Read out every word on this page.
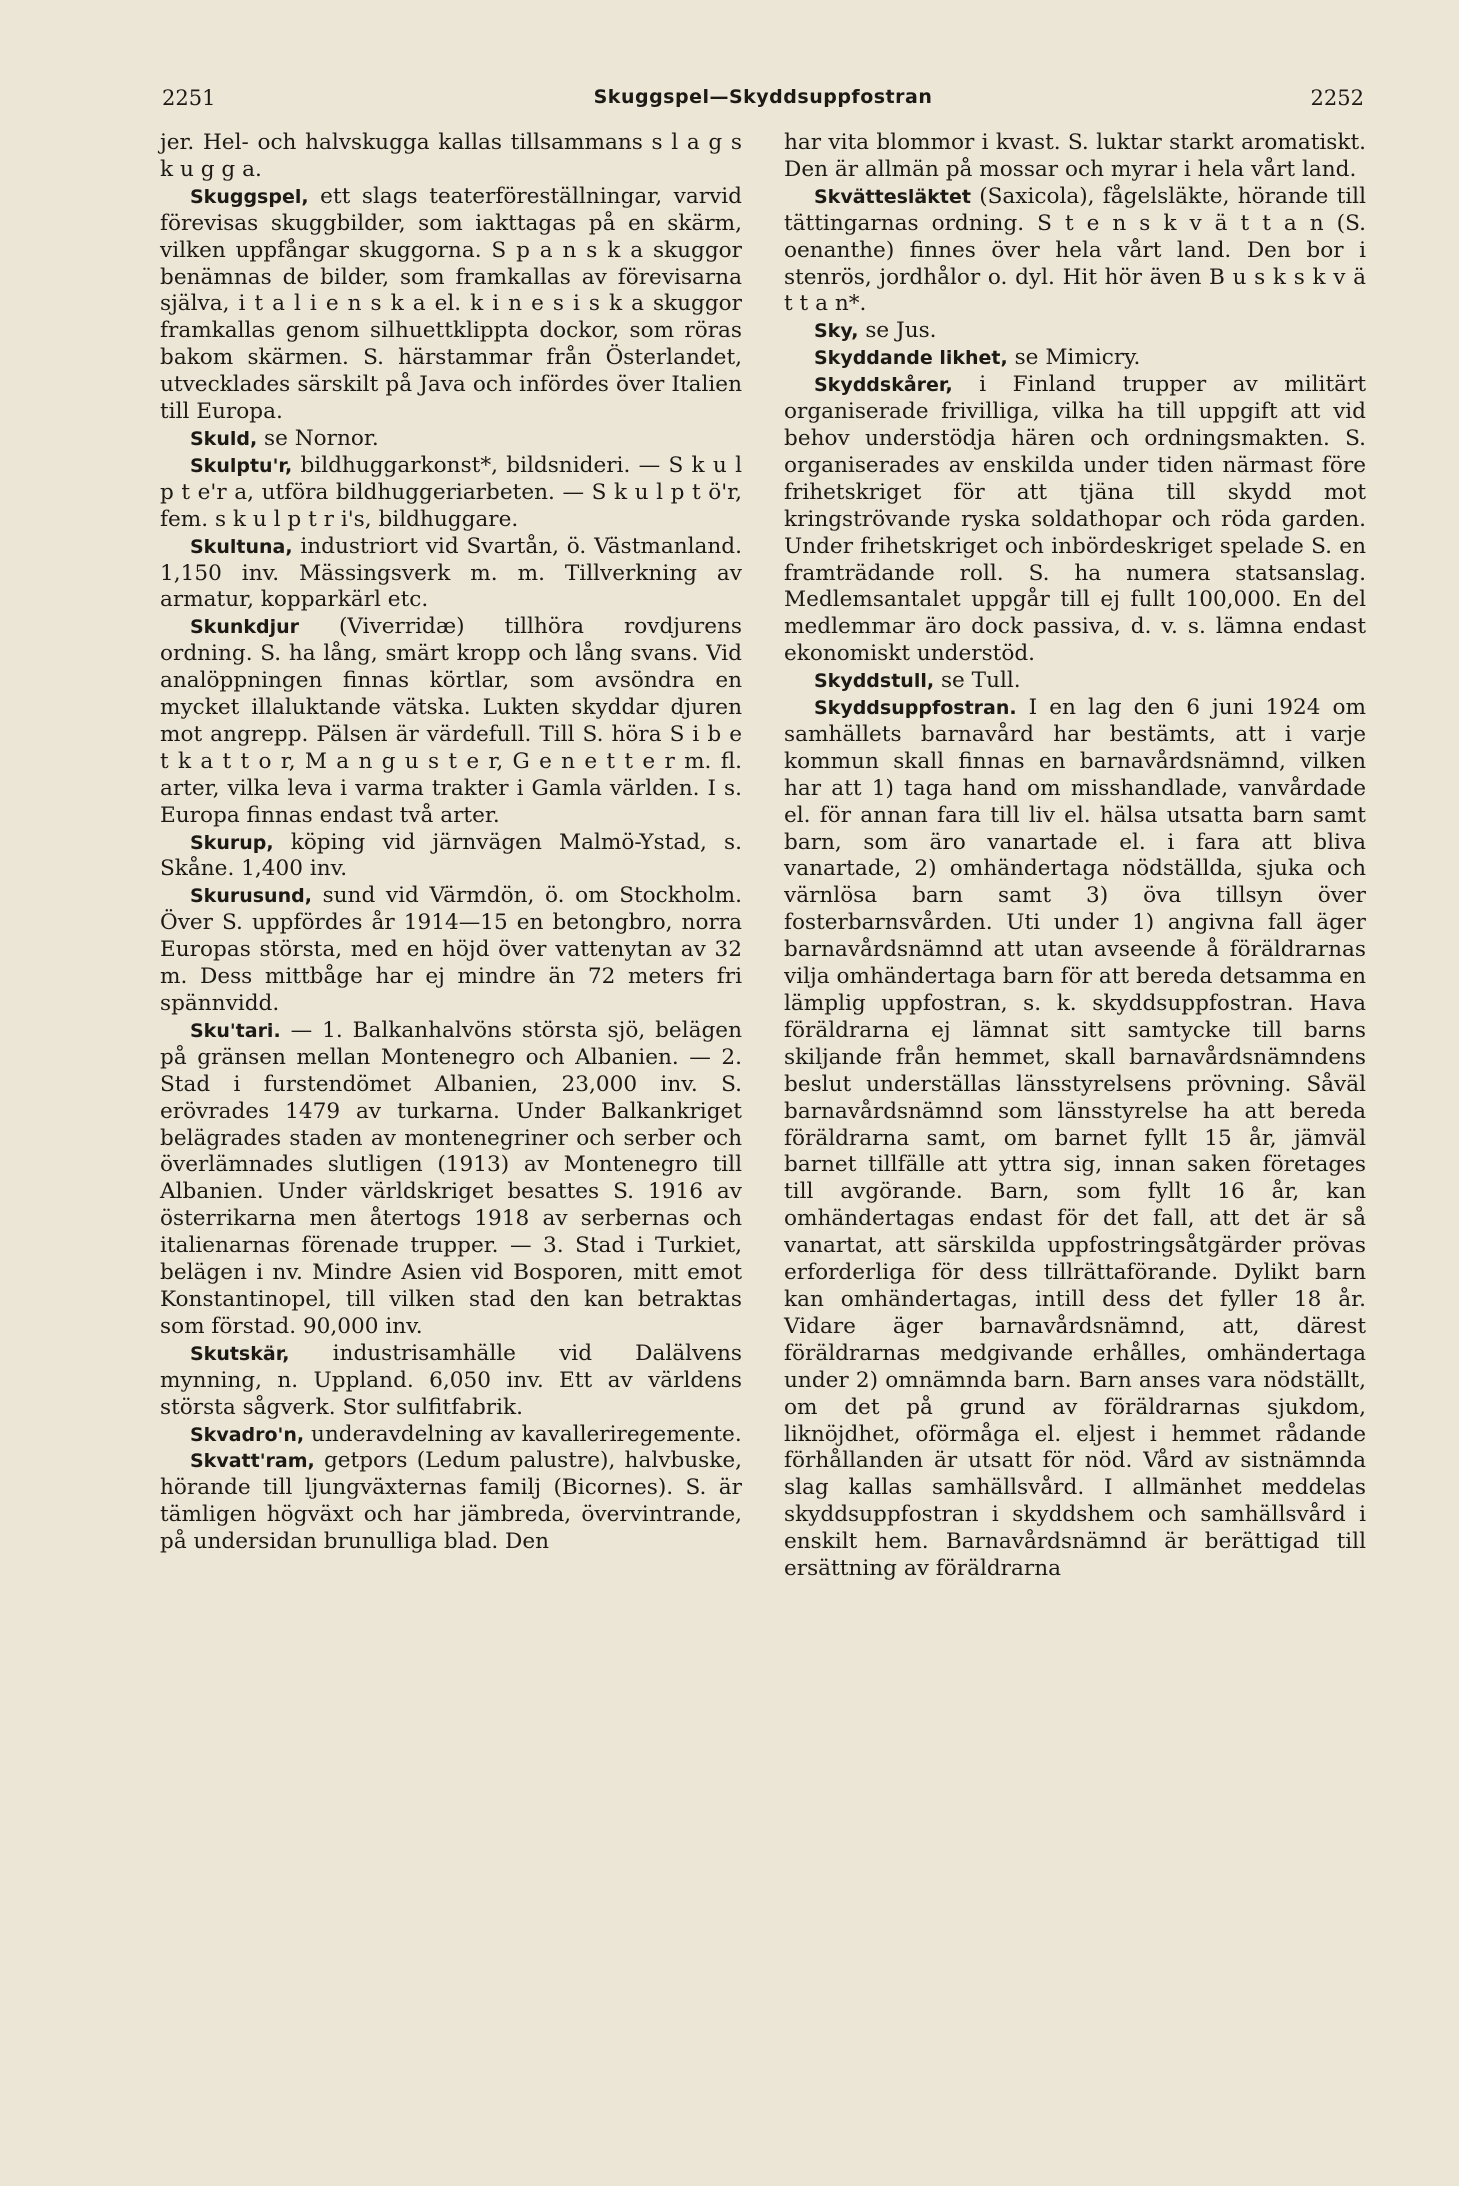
2251	Skuggspel—Skyddsuppfostran	2252

jer. Hel- och halvskugga kallas tillsammans s l a g s k u g g a.

Skuggspel, ett slags teaterföreställningar, varvid förevisas skuggbilder, som iakttagas på en skärm, vilken uppfångar skuggorna. S p a n s k a skuggor benämnas de bilder, som framkallas av förevisarna själva, i t a l i e n s k a el. k i n e s i s k a skuggor framkallas genom silhuettklippta dockor, som röras bakom skärmen. S. härstammar från Österlandet, utvecklades särskilt på Java och infördes över Italien till Europa.

Skuld, se Nornor.

Skulptu'r, bildhuggarkonst*, bildsnideri. — S k u l p t e'r a, utföra bildhuggeriarbeten. — S k u l p t ö'r, fem. s k u l p t r i's, bildhuggare.

Skultuna, industriort vid Svartån, ö. Västmanland. 1,150 inv. Mässingsverk m. m. Tillverkning av armatur, kopparkärl etc.

Skunkdjur (Viverridæ) tillhöra rovdjurens ordning. S. ha lång, smärt kropp och lång svans. Vid analöppningen finnas körtlar, som avsöndra en mycket illaluktande vätska. Lukten skyddar djuren mot angrepp. Pälsen är värdefull. Till S. höra S i b e t k a t t o r, M a n g u s t e r, G e n e t t e r m. fl. arter, vilka leva i varma trakter i Gamla världen. I s. Europa finnas endast två arter.

Skurup, köping vid järnvägen Malmö-Ystad, s. Skåne. 1,400 inv.

Skurusund, sund vid Värmdön, ö. om Stockholm. Över S. uppfördes år 1914—15 en betongbro, norra Europas största, med en höjd över vattenytan av 32 m. Dess mittbåge har ej mindre än 72 meters fri spännvidd.

Sku'tari. — 1. Balkanhalvöns största sjö, belägen på gränsen mellan Montenegro och Albanien. — 2. Stad i furstendömet Albanien, 23,000 inv. S. erövrades 1479 av turkarna. Under Balkankriget belägrades staden av montenegriner och serber och överlämnades slutligen (1913) av Montenegro till Albanien. Under världskriget besattes S. 1916 av österrikarna men återtogs 1918 av serbernas och italienarnas förenade trupper. — 3. Stad i Turkiet, belägen i nv. Mindre Asien vid Bosporen, mitt emot Konstantinopel, till vilken stad den kan betraktas som förstad. 90,000 inv.

Skutskär, industrisamhälle vid Dalälvens mynning, n. Uppland. 6,050 inv. Ett av världens största sågverk. Stor sulfitfabrik.

Skvadro'n, underavdelning av kavalleriregemente.

Skvatt'ram, getpors (Ledum palustre), halvbuske, hörande till ljungväxternas familj (Bicornes). S. är tämligen högväxt och har jämbreda, övervintrande, på undersidan brunulliga blad. Den

har vita blommor i kvast. S. luktar starkt aromatiskt. Den är allmän på mossar och myrar i hela vårt land.

Skvättesläktet (Saxicola), fågelsläkte, hörande till tättingarnas ordning. S t e n s k v ä t t a n (S. oenanthe) finnes över hela vårt land. Den bor i stenrös, jordhålor o. dyl. Hit hör även B u s k s k v ä t t a n*.

Sky, se Jus.

Skyddande likhet, se Mimicry.

Skyddskårer, i Finland trupper av militärt organiserade frivilliga, vilka ha till uppgift att vid behov understödja hären och ordningsmakten. S. organiserades av enskilda under tiden närmast före frihetskriget för att tjäna till skydd mot kringströvande ryska soldathopar och röda garden. Under frihetskriget och inbördeskriget spelade S. en framträdande roll. S. ha numera statsanslag. Medlemsantalet uppgår till ej fullt 100,000. En del medlemmar äro dock passiva, d. v. s. lämna endast ekonomiskt understöd.

Skyddstull, se Tull.

Skyddsuppfostran. I en lag den 6 juni 1924 om samhällets barnavård har bestämts, att i varje kommun skall finnas en barnavårdsnämnd, vilken har att 1) taga hand om misshandlade, vanvårdade el. för annan fara till liv el. hälsa utsatta barn samt barn, som äro vanartade el. i fara att bliva vanartade, 2) omhändertaga nödställda, sjuka och värnlösa barn samt 3) öva tillsyn över fosterbarnsvården. Uti under 1) angivna fall äger barnavårdsnämnd att utan avseende å föräldrarnas vilja omhändertaga barn för att bereda detsamma en lämplig uppfostran, s. k. skyddsuppfostran. Hava föräldrarna ej lämnat sitt samtycke till barns skiljande från hemmet, skall barnavårdsnämndens beslut underställas länsstyrelsens prövning. Såväl barnavårdsnämnd som länsstyrelse ha att bereda föräldrarna samt, om barnet fyllt 15 år, jämväl barnet tillfälle att yttra sig, innan saken företages till avgörande. Barn, som fyllt 16 år, kan omhändertagas endast för det fall, att det är så vanartat, att särskilda uppfostringsåtgärder prövas erforderliga för dess tillrättaförande. Dylikt barn kan omhändertagas, intill dess det fyller 18 år. Vidare äger barnavårdsnämnd, att, därest föräldrarnas medgivande erhålles, omhändertaga under 2) omnämnda barn. Barn anses vara nödställt, om det på grund av föräldrarnas sjukdom, liknöjdhet, oförmåga el. eljest i hemmet rådande förhållanden är utsatt för nöd. Vård av sistnämnda slag kallas samhällsvård. I allmänhet meddelas skyddsuppfostran i skyddshem och samhällsvård i enskilt hem. Barnavårdsnämnd är berättigad till ersättning av föräldrarna
